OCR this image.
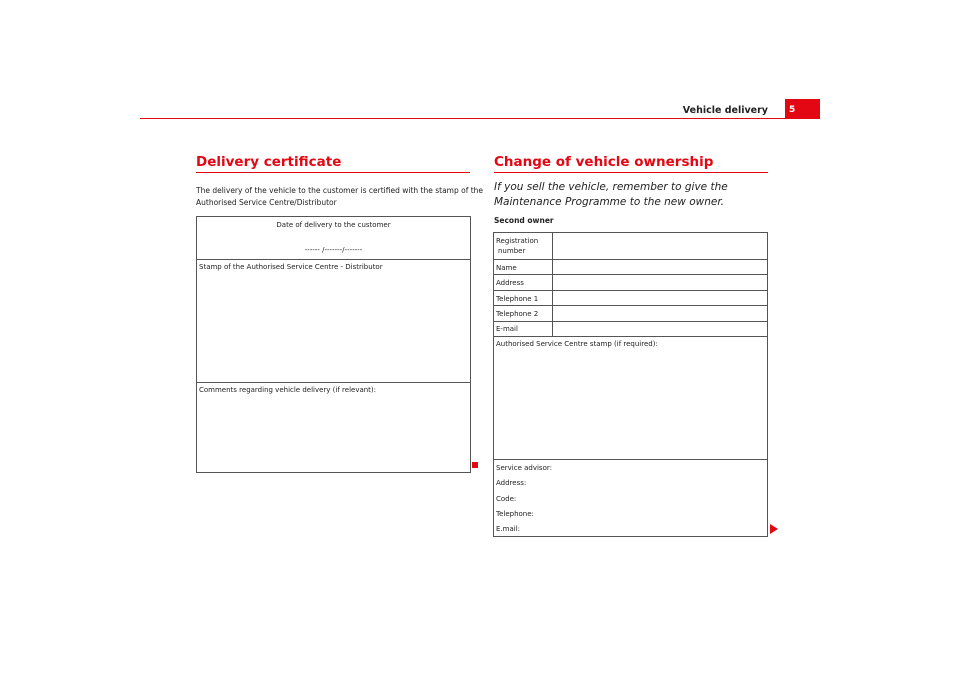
Vehicle delivery 5
Delivery certificate
The delivery of the vehicle to the customer is certified with the stamp of the Authorised Service Centre/Distributor
Date of delivery to the customer
------ /-------/-------
Stamp of the Authorised Service Centre - Distributor
Comments regarding vehicle delivery (if relevant):
Change of vehicle ownership
If you sell the vehicle, remember to give the Maintenance Programme to the new owner.
Second owner
Registration
number
Name
Address
Telephone 1
Telephone 2
E-mail
Authorised Service Centre stamp (if required):
Service advisor:
Address:
Code:
Telephone:
E.mail:
